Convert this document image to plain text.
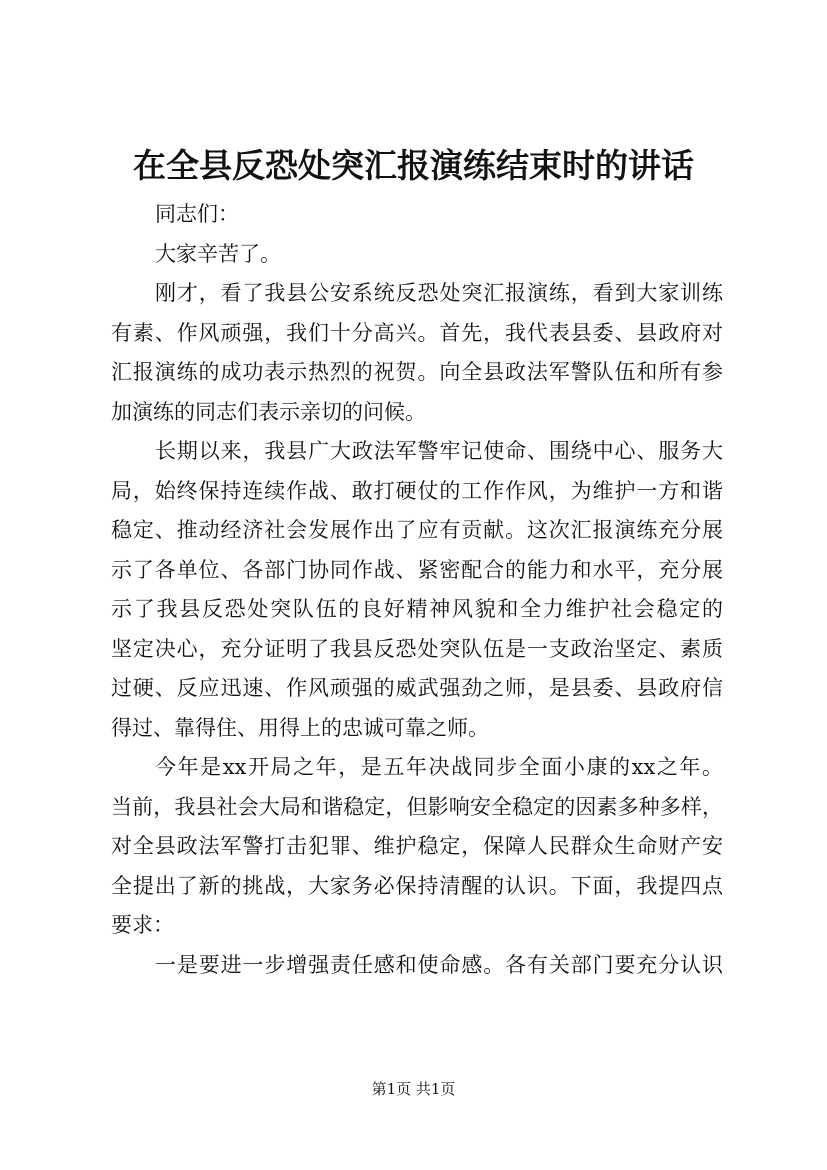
在全县反恐处突汇报演练结束时的讲话
同志们：
大家辛苦了。
刚才，看了我县公安系统反恐处突汇报演练，看到大家训练
有素、作风顽强，我们十分高兴。首先，我代表县委、县政府对
汇报演练的成功表示热烈的祝贺。向全县政法军警队伍和所有参
加演练的同志们表示亲切的问候。
长期以来，我县广大政法军警牢记使命、围绕中心、服务大
局，始终保持连续作战、敢打硬仗的工作作风，为维护一方和谐
稳定、推动经济社会发展作出了应有贡献。这次汇报演练充分展
示了各单位、各部门协同作战、紧密配合的能力和水平，充分展
示了我县反恐处突队伍的良好精神风貌和全力维护社会稳定的
坚定决心，充分证明了我县反恐处突队伍是一支政治坚定、素质
过硬、反应迅速、作风顽强的威武强劲之师，是县委、县政府信
得过、靠得住、用得上的忠诚可靠之师。
今年是xx开局之年，是五年决战同步全面小康的xx之年。
当前，我县社会大局和谐稳定，但影响安全稳定的因素多种多样，
对全县政法军警打击犯罪、维护稳定，保障人民群众生命财产安
全提出了新的挑战，大家务必保持清醒的认识。下面，我提四点
要求：
一是要进一步增强责任感和使命感。各有关部门要充分认识
第1页 共1页
